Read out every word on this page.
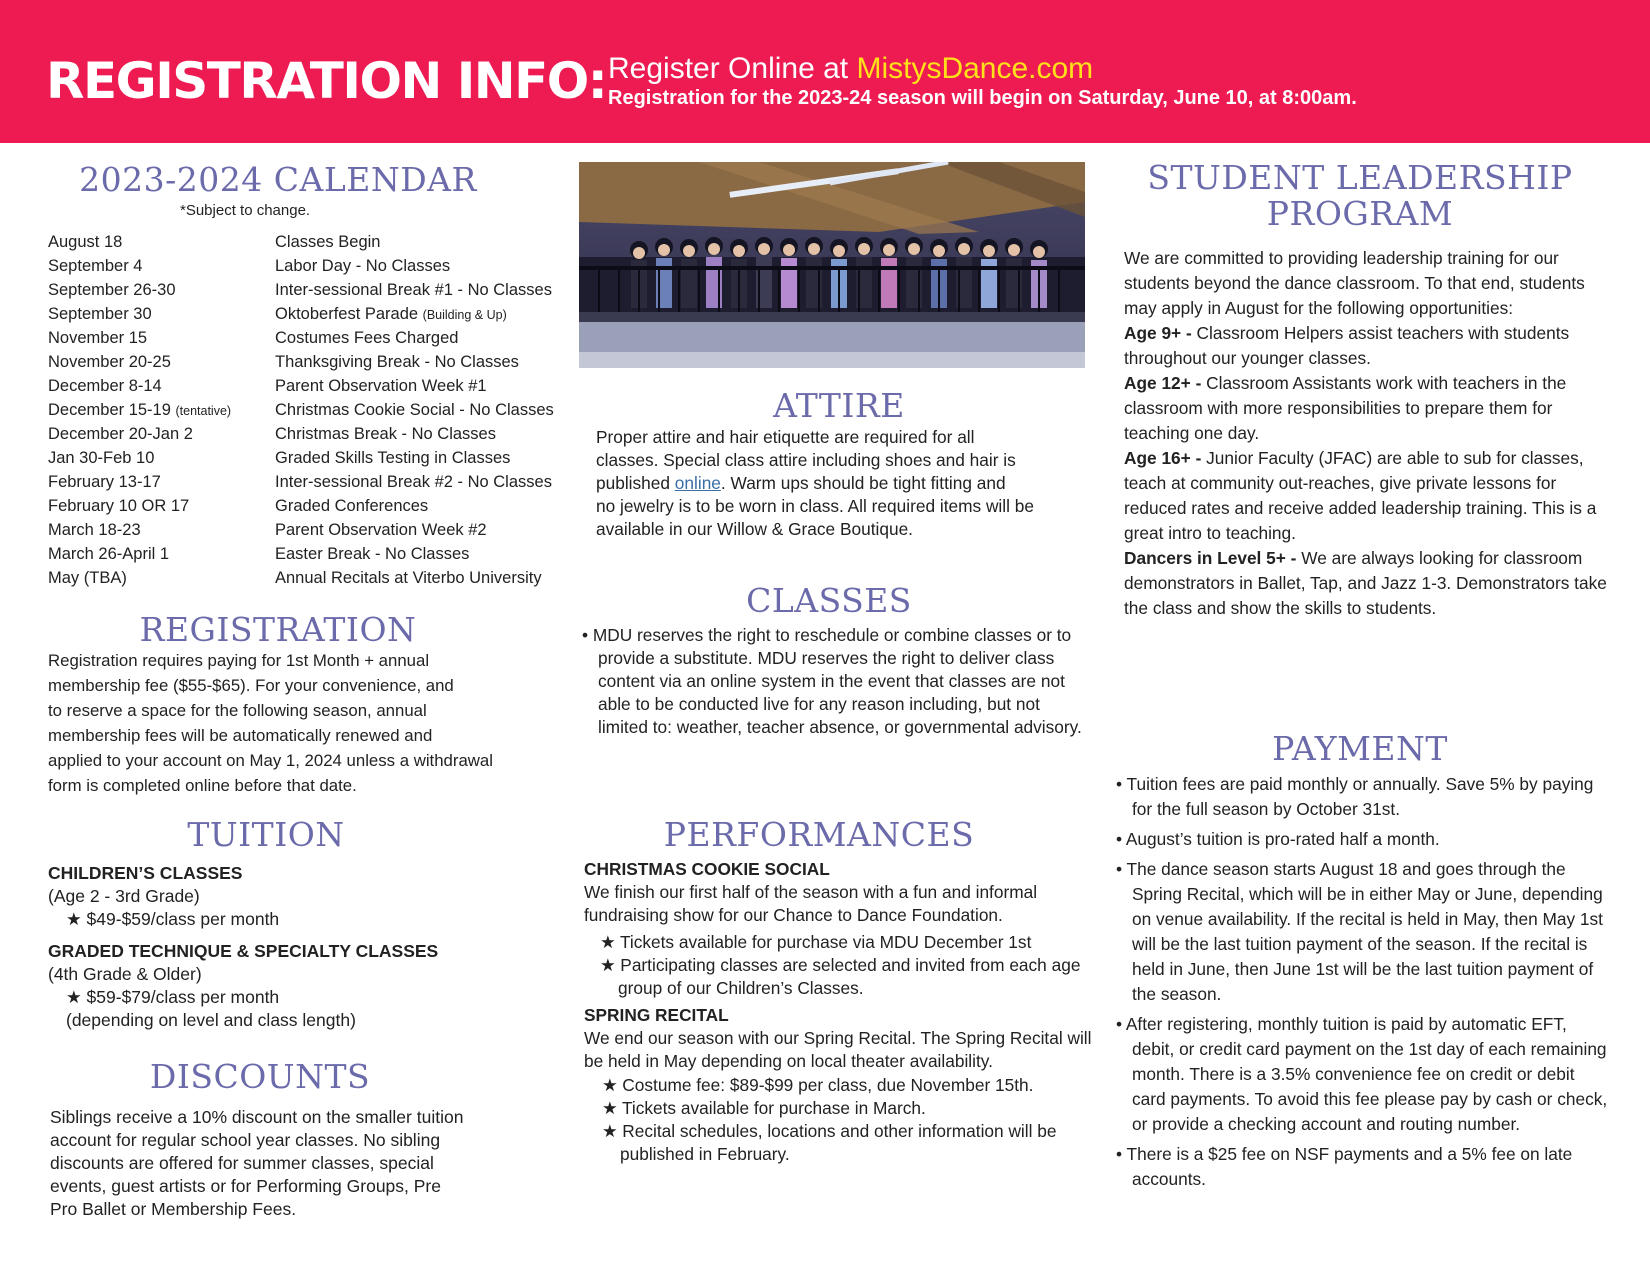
REGISTRATION INFO: Register Online at MistysDance.com
Registration for the 2023-24 season will begin on Saturday, June 10, at 8:00am.
2023-2024 CALENDAR
*Subject to change.
August 18	Classes Begin
September 4	Labor Day - No Classes
September 26-30	Inter-sessional Break #1 - No Classes
September 30	Oktoberfest Parade (Building & Up)
November 15	Costumes Fees Charged
November 20-25	Thanksgiving Break - No Classes
December 8-14	Parent Observation Week #1
December 15-19 (tentative)	Christmas Cookie Social - No Classes
December 20-Jan 2	Christmas Break - No Classes
Jan 30-Feb 10	Graded Skills Testing in Classes
February 13-17	Inter-sessional Break #2 - No Classes
February 10 OR 17	Graded Conferences
March 18-23	Parent Observation Week #2
March 26-April 1	Easter Break - No Classes
May (TBA)	Annual Recitals at Viterbo University
REGISTRATION
Registration requires paying for 1st Month + annual
membership fee ($55-$65). For your convenience, and
to reserve a space for the following season, annual
membership fees will be automatically renewed and
applied to your account on May 1, 2024 unless a withdrawal
form is completed online before that date.
TUITION
CHILDREN’S CLASSES
(Age 2 - 3rd Grade)
★ $49-$59/class per month
GRADED TECHNIQUE & SPECIALTY CLASSES
(4th Grade & Older)
★ $59-$79/class per month
(depending on level and class length)
DISCOUNTS
Siblings receive a 10% discount on the smaller tuition
account for regular school year classes. No sibling
discounts are offered for summer classes, special
events, guest artists or for Performing Groups, Pre
Pro Ballet or Membership Fees.
ATTIRE
Proper attire and hair etiquette are required for all
classes. Special class attire including shoes and hair is
published online. Warm ups should be tight fitting and
no jewelry is to be worn in class. All required items will be
available in our Willow & Grace Boutique.
CLASSES
• MDU reserves the right to reschedule or combine classes or to provide a substitute. MDU reserves the right to deliver class content via an online system in the event that classes are not able to be conducted live for any reason including, but not limited to: weather, teacher absence, or governmental advisory.
PERFORMANCES
CHRISTMAS COOKIE SOCIAL
We finish our first half of the season with a fun and informal fundraising show for our Chance to Dance Foundation.
★ Tickets available for purchase via MDU December 1st
★ Participating classes are selected and invited from each age group of our Children’s Classes.
SPRING RECITAL
We end our season with our Spring Recital. The Spring Recital will be held in May depending on local theater availability.
★ Costume fee: $89-$99 per class, due November 15th.
★ Tickets available for purchase in March.
★ Recital schedules, locations and other information will be published in February.
STUDENT LEADERSHIP
PROGRAM
We are committed to providing leadership training for our students beyond the dance classroom. To that end, students may apply in August for the following opportunities:
Age 9+ - Classroom Helpers assist teachers with students throughout our younger classes.
Age 12+ - Classroom Assistants work with teachers in the classroom with more responsibilities to prepare them for teaching one day.
Age 16+ - Junior Faculty (JFAC) are able to sub for classes, teach at community out-reaches, give private lessons for reduced rates and receive added leadership training. This is a great intro to teaching.
Dancers in Level 5+ - We are always looking for classroom demonstrators in Ballet, Tap, and Jazz 1-3. Demonstrators take the class and show the skills to students.
PAYMENT
• Tuition fees are paid monthly or annually. Save 5% by paying for the full season by October 31st.
• August’s tuition is pro-rated half a month.
• The dance season starts August 18 and goes through the Spring Recital, which will be in either May or June, depending on venue availability. If the recital is held in May, then May 1st will be the last tuition payment of the season. If the recital is held in June, then June 1st will be the last tuition payment of the season.
• After registering, monthly tuition is paid by automatic EFT, debit, or credit card payment on the 1st day of each remaining month. There is a 3.5% convenience fee on credit or debit card payments. To avoid this fee please pay by cash or check, or provide a checking account and routing number.
• There is a $25 fee on NSF payments and a 5% fee on late accounts.
